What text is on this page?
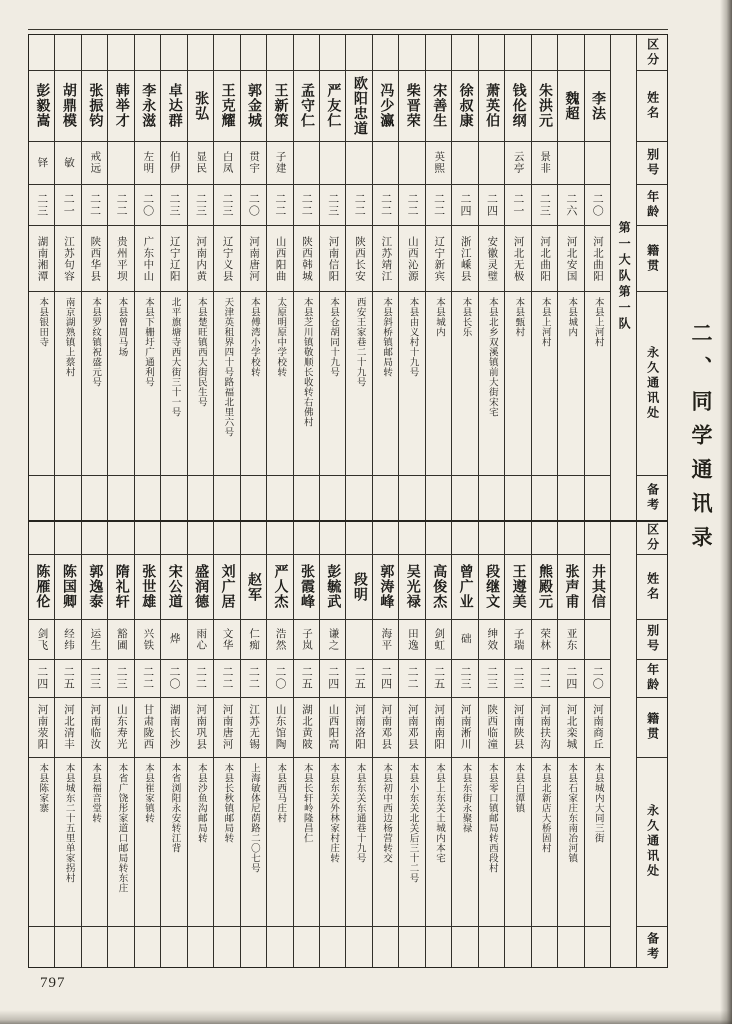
彭毅嵩
铎
二三
湖南湘潭
本县银田寺
胡鼎模
敏
二一
江苏句容
南京湖熟镇上蔡村
张振钧
戒远
二二
陕西华县
本县罗纹镇祝盛元号
韩举才
二二
贵州平坝
本县曾周马场
李永滋
左明
二〇
广东中山
本县下栅圩广通利号
卓达群
伯伊
二三
辽宁辽阳
北平旗塘寺西大街三十一号
张弘
显民
二三
河南内黄
本县楚旺镇西大街民生号
王克耀
白凤
二三
辽宁义县
天津英租界四十号路福北里六号
郭金城
贯宇
二〇
河南唐河
本县傅湾小学校转
王新策
子建
二二
山西阳曲
太原明原中学校转
孟守仁
二二
陕西韩城
本县芝川镇敬顺长收转右佛村
严友仁
二三
河南信阳
本县仓胡同十九号
欧阳忠道
二二
陕西长安
西安王家巷二十九号
冯少瀛
二二
江苏靖江
本县斜桥镇邮局转
柴晋荣
二二
山西沁源
本县由义村十九号
宋善生
英熙
二二
辽宁新宾
本县城内
徐叔康
二四
浙江嵊县
本县长乐
萧英伯
二四
安徽灵璧
本县北乡双溪镇前大街宋宅
钱伦纲
云亭
二一
河北无极
本县甄村
朱洪元
景非
二三
河北曲阳
本县上河村
魏超
二六
河北安国
本县城内
李法
二〇
河北曲阳
本县上河村 第一大队第一队
区分
姓名
别号
年龄
籍贯
永久通讯处
备考
陈雁伦
剑飞
二四
河南荥阳
本县陈家寨
陈国卿
经纬
二五
河北清丰
本县城东二十五里单家拐村
郭逸泰
运生
二三
河南临汝
本县福音堂转
隋礼轩
豁圃
二三
山东寿光
本省广饶彤家道口邮局转东庄
张世雄
兴铁
二二
甘肃陇西
本县崔家镇转
宋公道
烨
二〇
湖南长沙
本省浏阳永安转江背
盛润德
雨心
二二
河南巩县
本县沙鱼沟邮局转
刘广居
文华
二二
河南唐河
本县长秋镇邮局转
赵军
仁痴
二二
江苏无锡
上海敏体尼荫路二〇七号
严人杰
浩然
二〇
山东馆陶
本县西马庄村
张霞峰
子岚
二五
湖北黄陂
本县长轩岭隆昌仁
彭毓武
谦之
二四
山西阳高
本县东关外林家村庄转
段明
二五
河南洛阳
本县东关东通巷十九号
郭涛峰
海平
二四
河南邓县
本县初中西边杨营转交
吴光禄
田逸
二二
河南邓县
本县小东关北关后三十二号
高俊杰
剑虹
二五
河南南阳
本县上东关土城内本宅
曾广业
础
二三
河南淅川
本县东街永聚禄
段继文
绅效
二三
陕西临潼
本县零口镇邮局转西段村
王遵美
子瑞
二三
河南陕县
本县白潭镇
熊殿元
荣林
二二
河南扶沟
本县北新店大桥固村
张声甫
亚东
二四
河北栾城
本县石家庄东南冶河镇
井其信
二〇
河南商丘
本县城内大同三街
区分
姓名
别号
年龄
籍贯
永久通讯处
备考
二、同学通讯录
797
